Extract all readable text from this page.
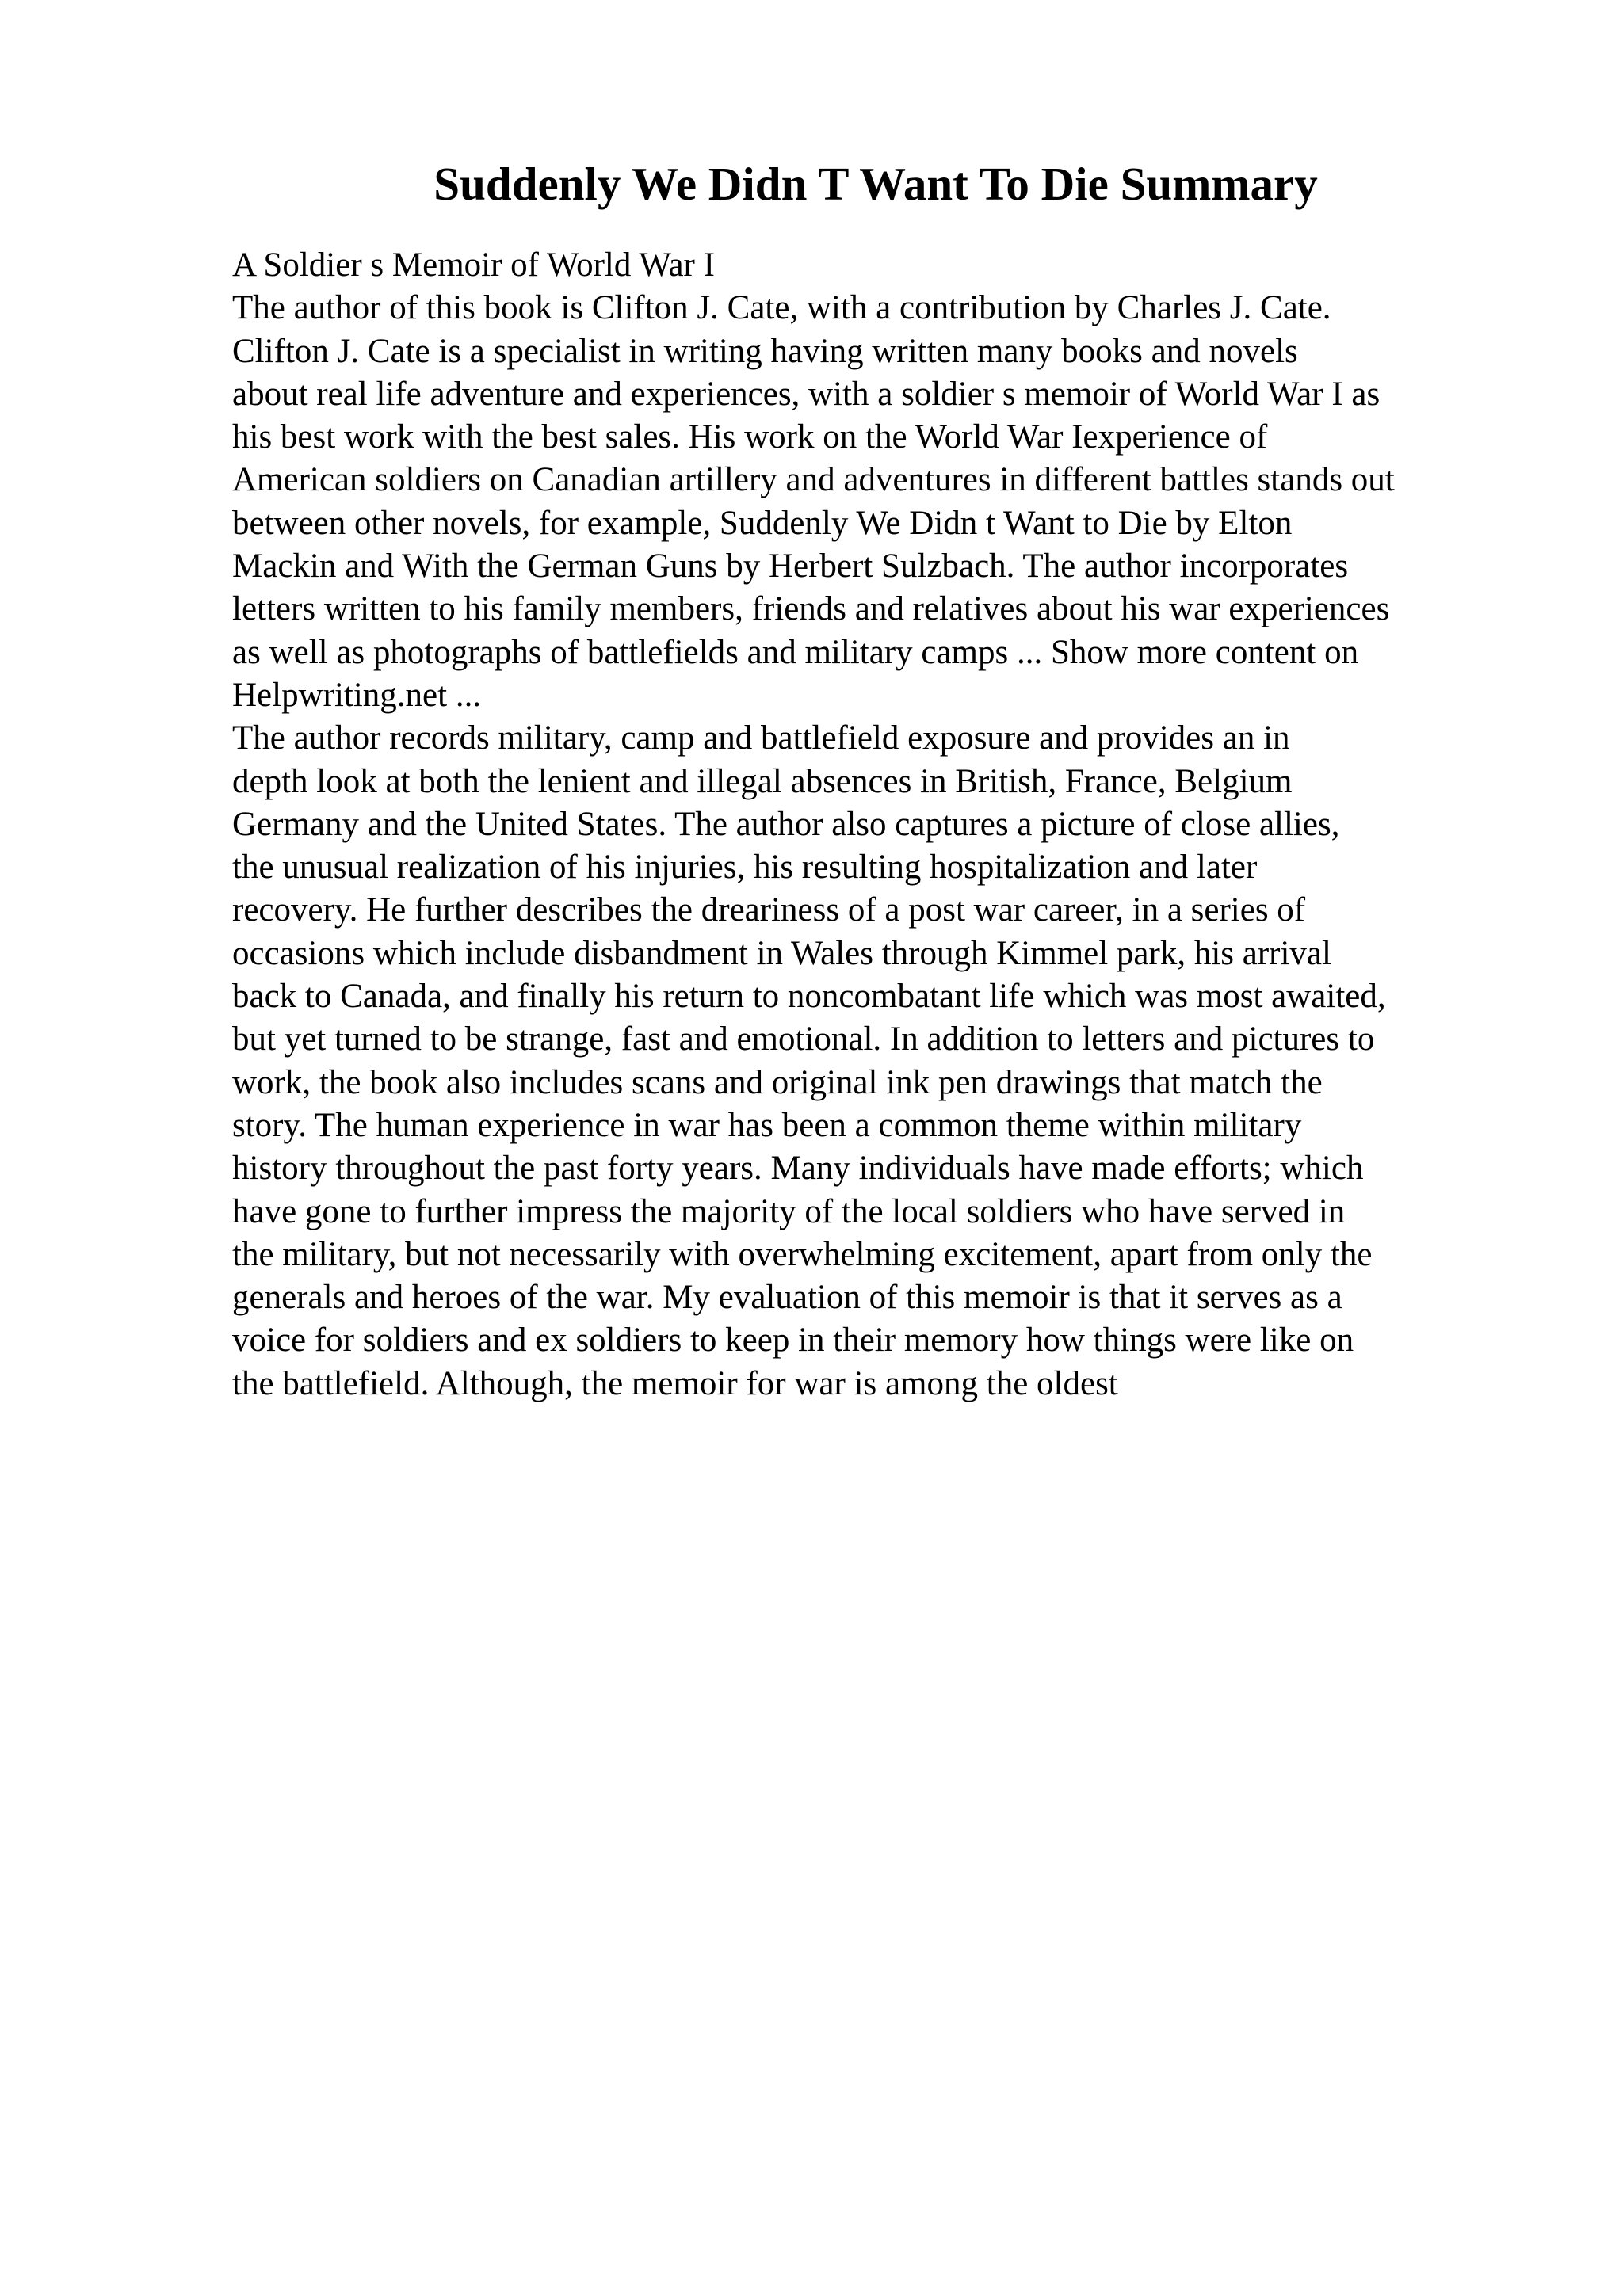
Suddenly We Didn T Want To Die Summary
A Soldier s Memoir of World War I
The author of this book is Clifton J. Cate, with a contribution by Charles J. Cate.
Clifton J. Cate is a specialist in writing having written many books and novels
about real life adventure and experiences, with a soldier s memoir of World War I as
his best work with the best sales. His work on the World War Iexperience of
American soldiers on Canadian artillery and adventures in different battles stands out
between other novels, for example, Suddenly We Didn t Want to Die by Elton
Mackin and With the German Guns by Herbert Sulzbach. The author incorporates
letters written to his family members, friends and relatives about his war experiences
as well as photographs of battlefields and military camps ... Show more content on
Helpwriting.net ...
The author records military, camp and battlefield exposure and provides an in
depth look at both the lenient and illegal absences in British, France, Belgium
Germany and the United States. The author also captures a picture of close allies,
the unusual realization of his injuries, his resulting hospitalization and later
recovery. He further describes the dreariness of a post war career, in a series of
occasions which include disbandment in Wales through Kimmel park, his arrival
back to Canada, and finally his return to noncombatant life which was most awaited,
but yet turned to be strange, fast and emotional. In addition to letters and pictures to
work, the book also includes scans and original ink pen drawings that match the
story. The human experience in war has been a common theme within military
history throughout the past forty years. Many individuals have made efforts; which
have gone to further impress the majority of the local soldiers who have served in
the military, but not necessarily with overwhelming excitement, apart from only the
generals and heroes of the war. My evaluation of this memoir is that it serves as a
voice for soldiers and ex soldiers to keep in their memory how things were like on
the battlefield. Although, the memoir for war is among the oldest
